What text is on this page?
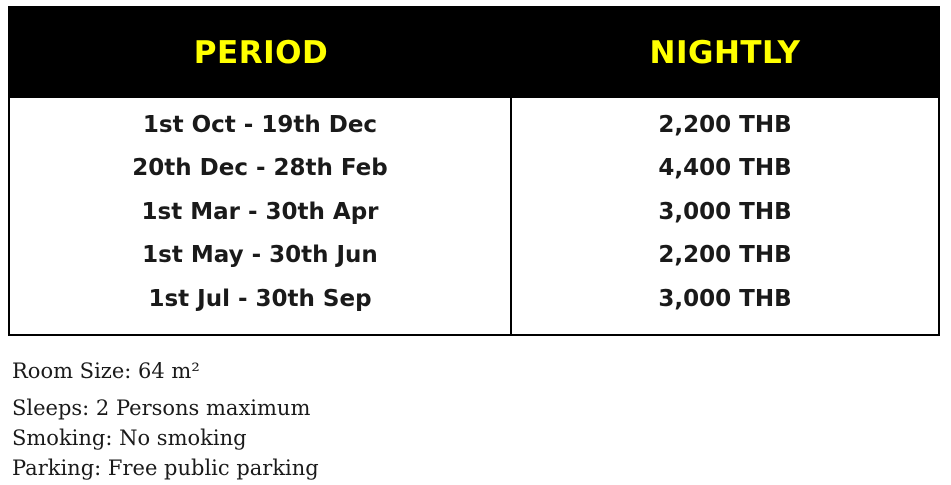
PERIOD	NIGHTLY
1st Oct - 19th Dec
20th Dec - 28th Feb
1st Mar - 30th Apr
1st May - 30th Jun
1st Jul - 30th Sep
2,200 THB
4,400 THB
3,000 THB
2,200 THB
3,000 THB
Room Size: 64 m²
Sleeps: 2 Persons maximum
Smoking: No smoking
Parking: Free public parking
